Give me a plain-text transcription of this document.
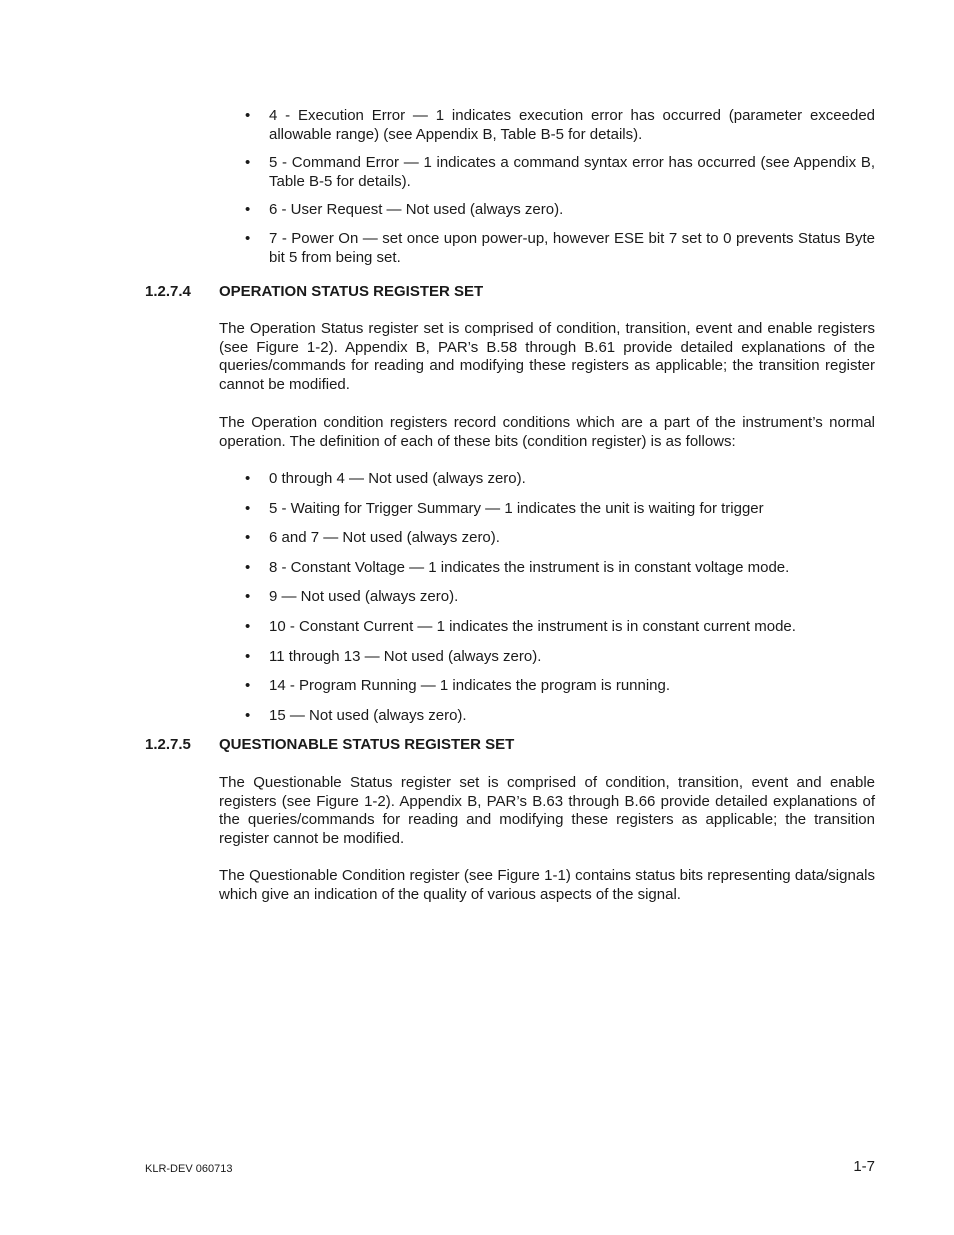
• 4 - Execution Error — 1 indicates execution error has occurred (parameter exceeded allowable range) (see Appendix B, Table B-5 for details).
• 5 - Command Error — 1 indicates a command syntax error has occurred (see Appendix B, Table B-5 for details).
• 6 - User Request — Not used (always zero).
• 7 - Power On — set once upon power-up, however ESE bit 7 set to 0 prevents Status Byte bit 5 from being set.
1.2.7.4 OPERATION STATUS REGISTER SET

The Operation Status register set is comprised of condition, transition, event and enable registers (see Figure 1-2). Appendix B, PAR’s B.58 through B.61 provide detailed explanations of the queries/commands for reading and modifying these registers as applicable; the transition register cannot be modified.

The Operation condition registers record conditions which are a part of the instrument’s normal operation. The definition of each of these bits (condition register) is as follows:

• 0 through 4 — Not used (always zero).
• 5 - Waiting for Trigger Summary — 1 indicates the unit is waiting for trigger
• 6 and 7 — Not used (always zero).
• 8 - Constant Voltage — 1 indicates the instrument is in constant voltage mode.
• 9 — Not used (always zero).
• 10 - Constant Current — 1 indicates the instrument is in constant current mode.
• 11 through 13 — Not used (always zero).
• 14 - Program Running — 1 indicates the program is running.
• 15 — Not used (always zero).
1.2.7.5 QUESTIONABLE STATUS REGISTER SET

The Questionable Status register set is comprised of condition, transition, event and enable registers (see Figure 1-2). Appendix B, PAR’s B.63 through B.66 provide detailed explanations of the queries/commands for reading and modifying these registers as applicable; the transition register cannot be modified.

The Questionable Condition register (see Figure 1-1) contains status bits representing data/signals which give an indication of the quality of various aspects of the signal.

KLR-DEV 060713	1-7
